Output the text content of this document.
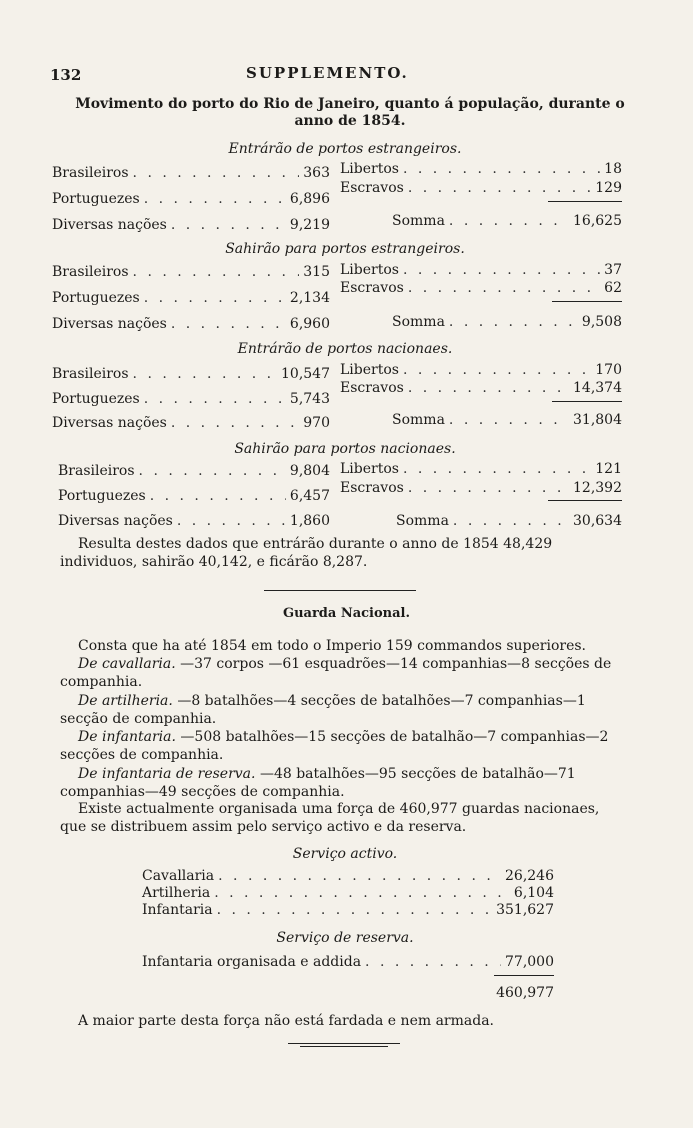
132	SUPPLEMENTO.
Movimento do porto do Rio de Janeiro, quanto á população, durante o anno de 1854.
Entrárão de portos estrangeiros.
Brasileiros . . .	363
Portuguezes . . .	6,896
Diversas nações . . .	9,219
Libertos . . .	18
Escravos . . .	129
Somma . . .	16,625
Sahirão para portos estrangeiros.
Brasileiros . . .	315
Portuguezes . . .	2,134
Diversas nações . . .	6,960
Libertos . . .	37
Escravos . . .	62
Somma . . .	9,508
Entrárão de portos nacionaes.
Brasileiros . . .	10,547
Portuguezes . . .	5,743
Diversas nações . . .	970
Libertos . . .	170
Escravos . . .	14,374
Somma . . .	31,804
Sahirão para portos nacionaes.
Brasileiros . . .	9,804
Portuguezes . . .	6,457
Diversas nações . . .	1,860
Libertos . . .	121
Escravos . . .	12,392
Somma . . .	30,634
Resulta destes dados que entrárão durante o anno de 1854 48,429 individuos, sahirão 40,142, e ficárão 8,287.
Guarda Nacional.
Consta que ha até 1854 em todo o Imperio 159 commandos superiores.
De cavallaria. —37 corpos —61 esquadrões—14 companhias—8 secções de companhia.
De artilheria. —8 batalhões—4 secções de batalhões—7 companhias—1 secção de companhia.
De infantaria. —508 batalhões—15 secções de batalhão—7 companhias—2 secções de companhia.
De infantaria de reserva. —48 batalhões—95 secções de batalhão—71 companhias—49 secções de companhia.
Existe actualmente organisada uma força de 460,977 guardas nacionaes, que se distribuem assim pelo serviço activo e da reserva.
Serviço activo.
Cavallaria . . .	26,246
Artilheria . . .	6,104
Infantaria . . .	351,627
Serviço de reserva.
Infantaria organisada e addida . . .	77,000
460,977
A maior parte desta força não está fardada e nem armada.
